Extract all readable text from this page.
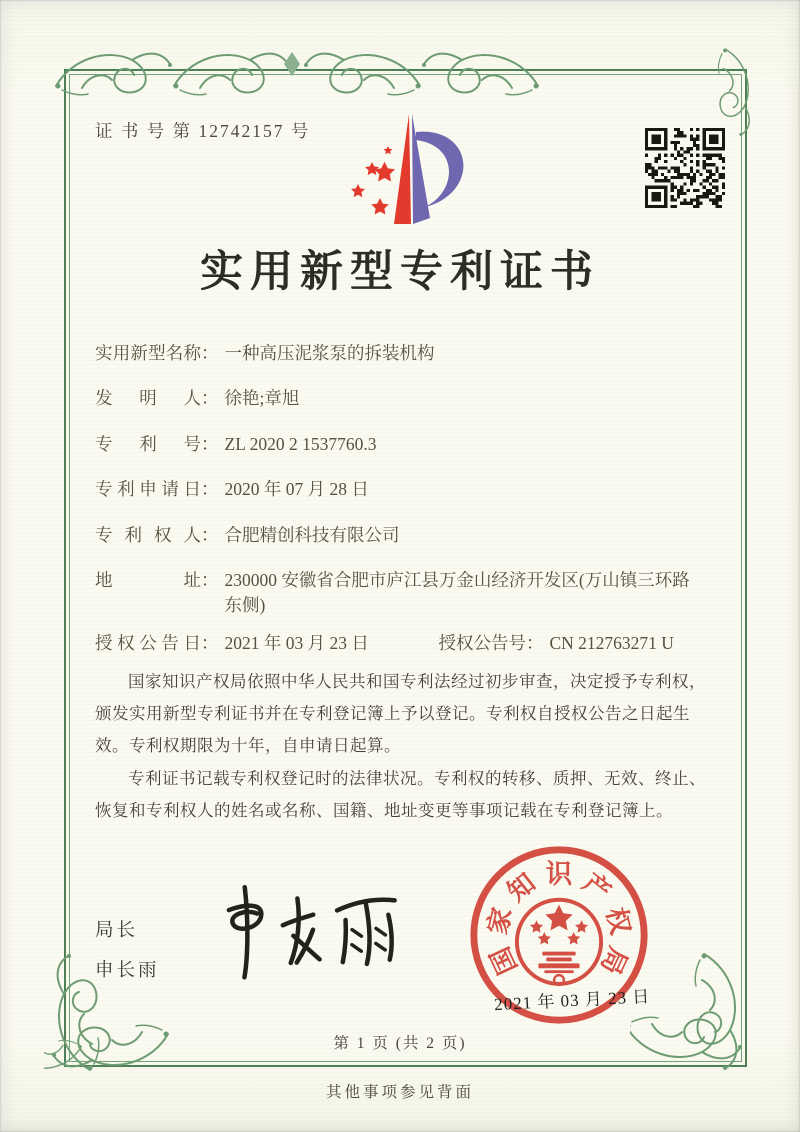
证 书 号 第 12742157 号
实用新型专利证书
实用新型名称 ： 一种高压泥浆泵的拆装机构
发明人 ： 徐艳;章旭
专利号 ： ZL 2020 2 1537760.3
专利申请日 ： 2020 年 07 月 28 日
专利权人 ： 合肥精创科技有限公司
地址 ： 230000 安徽省合肥市庐江县万金山经济开发区(万山镇三环路东侧)
授权公告日 ： 2021 年 03 月 23 日	授权公告号 ： CN 212763271 U

国家知识产权局依照中华人民共和国专利法经过初步审查，决定授予专利权，颁发实用新型专利证书并在专利登记簿上予以登记。专利权自授权公告之日起生效。专利权期限为十年，自申请日起算。

专利证书记载专利权登记时的法律状况。专利权的转移、质押、无效、终止、恢复和专利权人的姓名或名称、国籍、地址变更等事项记载在专利登记簿上。

局长
申长雨	国
家
知 识 产
权
局
2021 年 03 月 23 日
第 1 页 (共 2 页)
其他事项参见背面
